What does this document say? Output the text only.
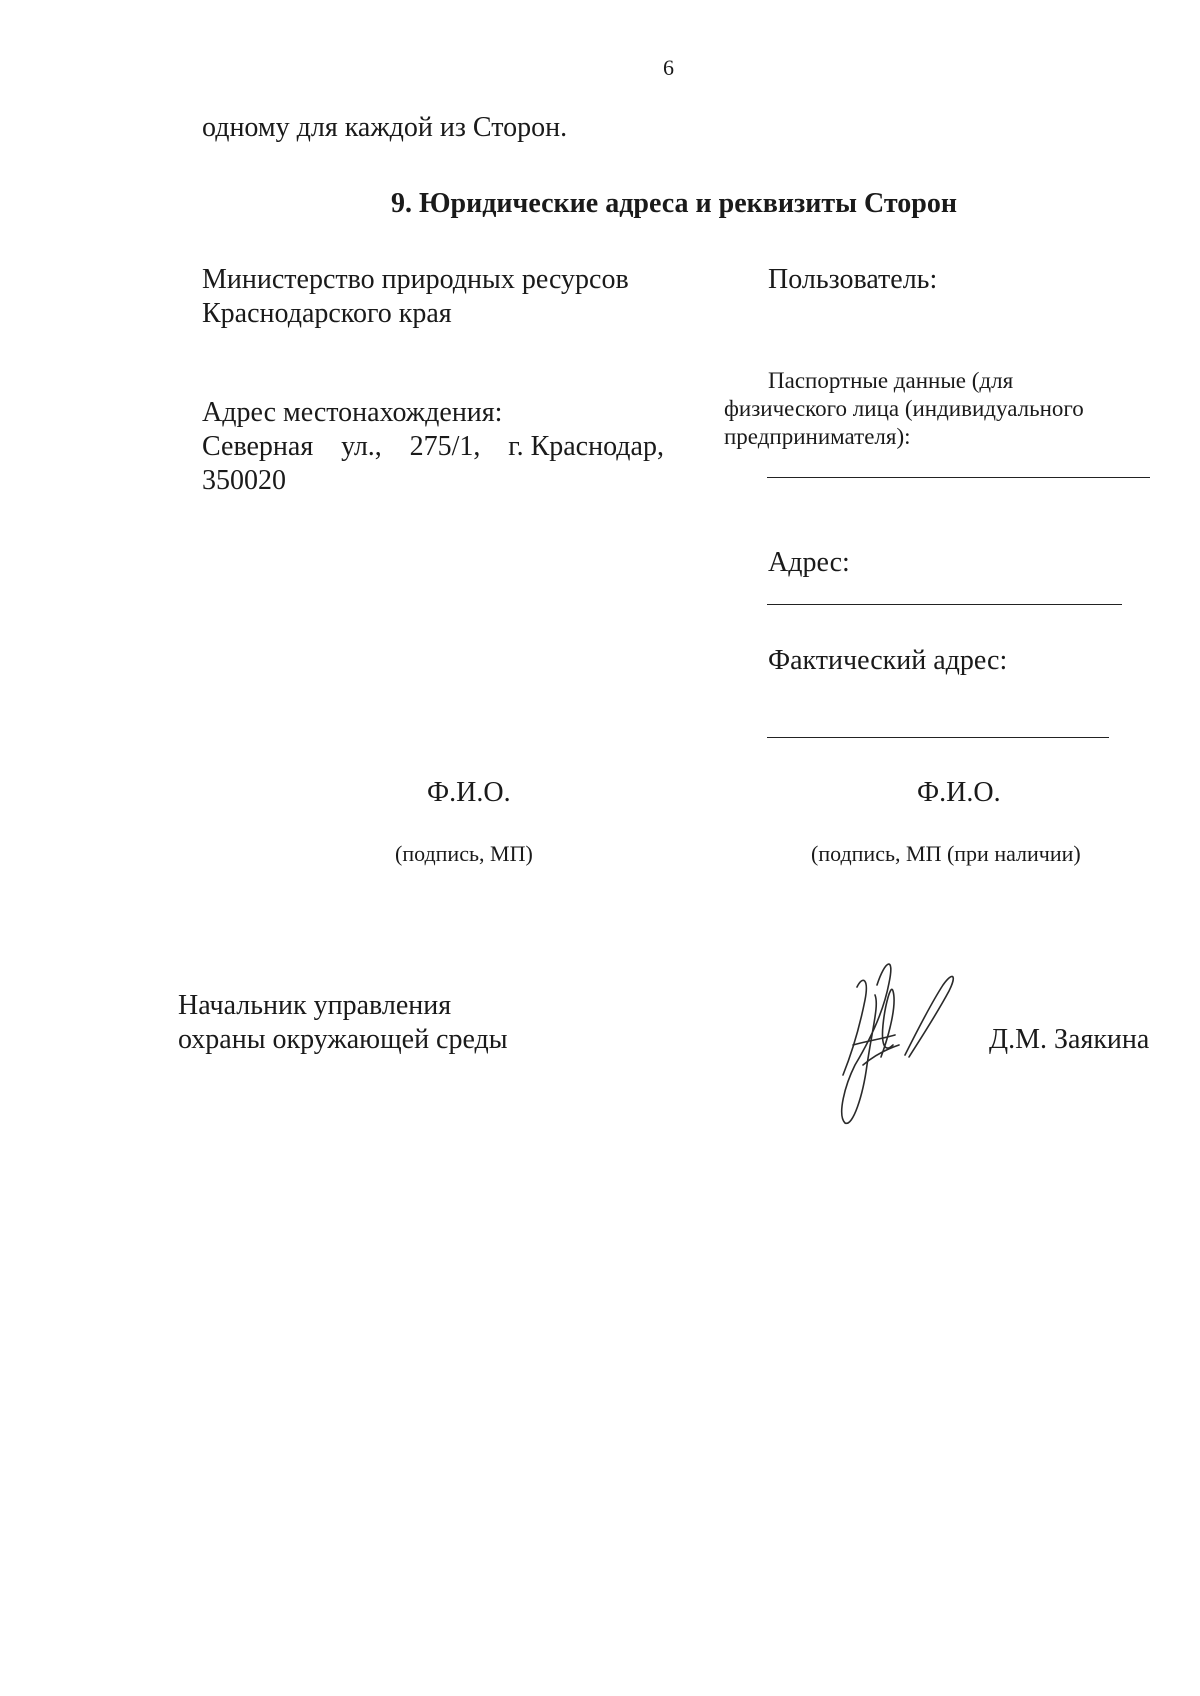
6
одному для каждой из Сторон.
9. Юридические адреса и реквизиты Сторон
Министерство природных ресурсов
Краснодарского края
Адрес местонахождения:
Северная ул., 275/1, г. Краснодар,
350020
Ф.И.О.
(подпись, МП)
Пользователь:
Паспортные данные (для
физического лица (индивидуального
предпринимателя):
Адрес:
Фактический адрес:
Ф.И.О.
(подпись, МП (при наличии)
Начальник управления
охраны окружающей среды	Д.М. Заякина
